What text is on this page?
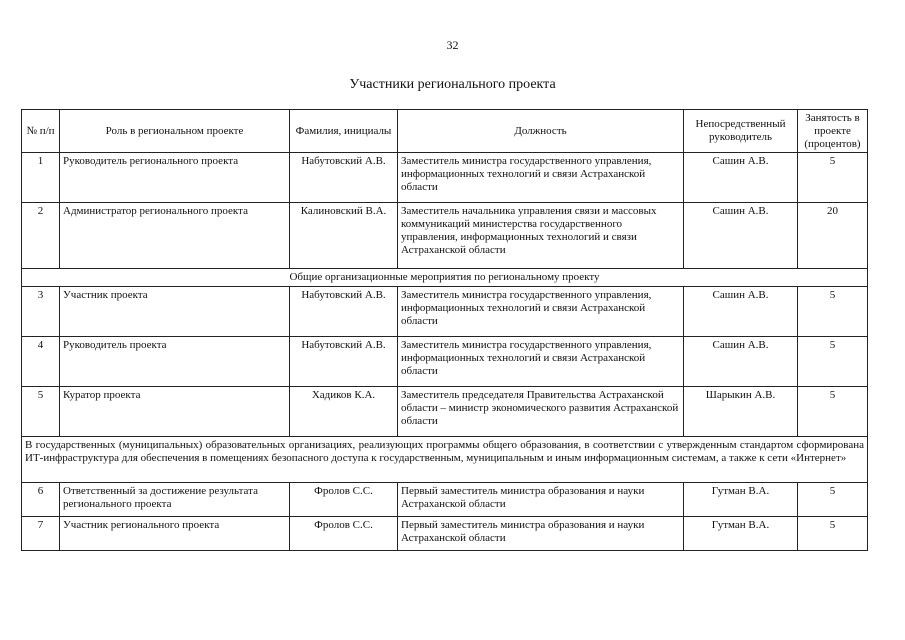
32
Участники регионального проекта
№ п/п	Роль в региональном проекте	Фамилия, инициалы	Должность	Непосредственный руководитель	Занятость в проекте (процентов)
1	Руководитель регионального проекта	Набутовский А.В.	Заместитель министра государственного управления, информационных технологий и связи Астраханской области	Сашин А.В.	5
2	Администратор регионального проекта	Калиновский В.А.	Заместитель начальника управления связи и массовых коммуникаций министерства государственного управления, информационных технологий и связи Астраханской области	Сашин А.В.	20
Общие организационные мероприятия по региональному проекту					
3	Участник проекта	Набутовский А.В.	Заместитель министра государственного управления, информационных технологий и связи Астраханской области	Сашин А.В.	5
4	Руководитель проекта	Набутовский А.В.	Заместитель министра государственного управления, информационных технологий и связи Астраханской области	Сашин А.В.	5
5	Куратор проекта	Хадиков К.А.	Заместитель председателя Правительства Астраханской области – министр экономического развития Астраханской области	Шарыкин А.В.	5
В государственных (муниципальных) образовательных организациях, реализующих программы общего образования, в соответствии с утвержденным стандартом сформирована ИТ-инфраструктура для обеспечения в помещениях безопасного доступа к государственным, муниципальным и иным информационным системам, а также к сети «Интернет»					
6	Ответственный за достижение результата регионального проекта	Фролов С.С.	Первый заместитель министра образования и науки Астраханской области	Гутман В.А.	5
7	Участник регионального проекта	Фролов С.С.	Первый заместитель министра образования и науки Астраханской области	Гутман В.А.	5
